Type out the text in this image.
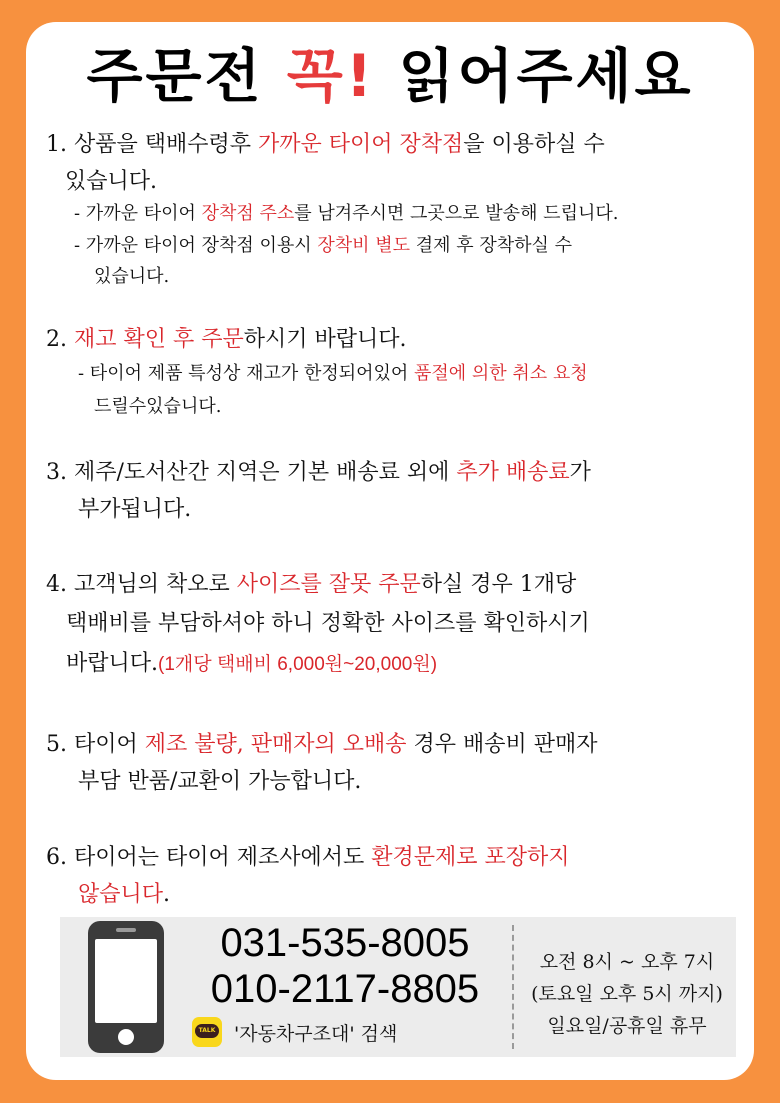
주문전 꼭! 읽어주세요
1. 상품을 택배수령후 가까운 타이어 장착점을 이용하실 수
있습니다.
- 가까운 타이어 장착점 주소를 남겨주시면 그곳으로 발송해 드립니다.
- 가까운 타이어 장착점 이용시 장착비 별도 결제 후 장착하실 수
있습니다.
2. 재고 확인 후 주문하시기 바랍니다.
- 타이어 제품 특성상 재고가 한정되어있어 품절에 의한 취소 요청
드릴수있습니다.
3. 제주/도서산간 지역은 기본 배송료 외에 추가 배송료가
부가됩니다.
4. 고객님의 착오로 사이즈를 잘못 주문하실 경우 1개당
택배비를 부담하셔야 하니 정확한 사이즈를 확인하시기
바랍니다.(1개당 택배비 6,000원~20,000원)
5. 타이어 제조 불량, 판매자의 오배송 경우 배송비 판매자
부담 반품/교환이 가능합니다.
6. 타이어는 타이어 제조사에서도 환경문제로 포장하지
않습니다.
031-535-8005
010-2117-8805
TALK '자동차구조대' 검색
오전 8시 ~ 오후 7시
(토요일 오후 5시 까지)
일요일/공휴일 휴무
